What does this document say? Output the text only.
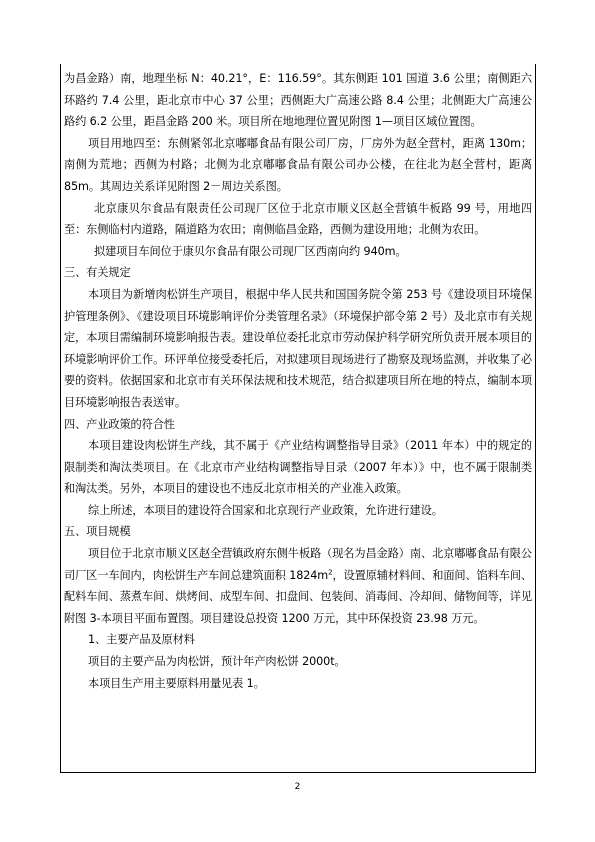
为昌金路）南，地理坐标 N：40.21°，E：116.59°。其东侧距 101 国道 3.6 公里；南侧距六环路约 7.4 公里，距北京市中心 37 公里；西侧距大广高速公路 8.4 公里；北侧距大广高速公路约 6.2 公里，距昌金路 200 米。项目所在地地理位置见附图 1—项目区域位置图。

项目用地四至：东侧紧邻北京嘟嘟食品有限公司厂房，厂房外为赵全营村，距离 130m；南侧为荒地；西侧为村路；北侧为北京嘟嘟食品有限公司办公楼，在往北为赵全营村，距离 85m。其周边关系详见附图 2－周边关系图。

北京康贝尔食品有限责任公司现厂区位于北京市顺义区赵全营镇牛板路 99 号，用地四至：东侧临村内道路，隔道路为农田；南侧临昌金路，西侧为建设用地；北侧为农田。

拟建项目车间位于康贝尔食品有限公司现厂区西南向约 940m。

三、有关规定

本项目为新增肉松饼生产项目，根据中华人民共和国国务院令第 253 号《建设项目环境保护管理条例》、《建设项目环境影响评价分类管理名录》（环境保护部令第 2 号）及北京市有关规定，本项目需编制环境影响报告表。建设单位委托北京市劳动保护科学研究所负责开展本项目的环境影响评价工作。环评单位接受委托后，对拟建项目现场进行了勘察及现场监测，并收集了必要的资料。依据国家和北京市有关环保法规和技术规范，结合拟建项目所在地的特点，编制本项目环境影响报告表送审。

四、产业政策的符合性

本项目建设肉松饼生产线，其不属于《产业结构调整指导目录》（2011 年本）中的规定的限制类和淘汰类项目。在《北京市产业结构调整指导目录（2007 年本）》中，也不属于限制类和淘汰类。另外，本项目的建设也不违反北京市相关的产业准入政策。

综上所述，本项目的建设符合国家和北京现行产业政策，允许进行建设。

五、项目规模

项目位于北京市顺义区赵全营镇政府东侧牛板路（现名为昌金路）南、北京嘟嘟食品有限公司厂区一车间内，肉松饼生产车间总建筑面积 $1824m^2$，设置原辅材料间、和面间、馅料车间、配料车间、蒸煮车间、烘烤间、成型车间、扣盘间、包装间、消毒间、冷却间、储物间等，详见附图 3-本项目平面布置图。项目建设总投资 1200 万元，其中环保投资 23.98 万元。

1、主要产品及原材料

项目的主要产品为肉松饼，预计年产肉松饼 2000t。

本项目生产用主要原料用量见表 1。

2
